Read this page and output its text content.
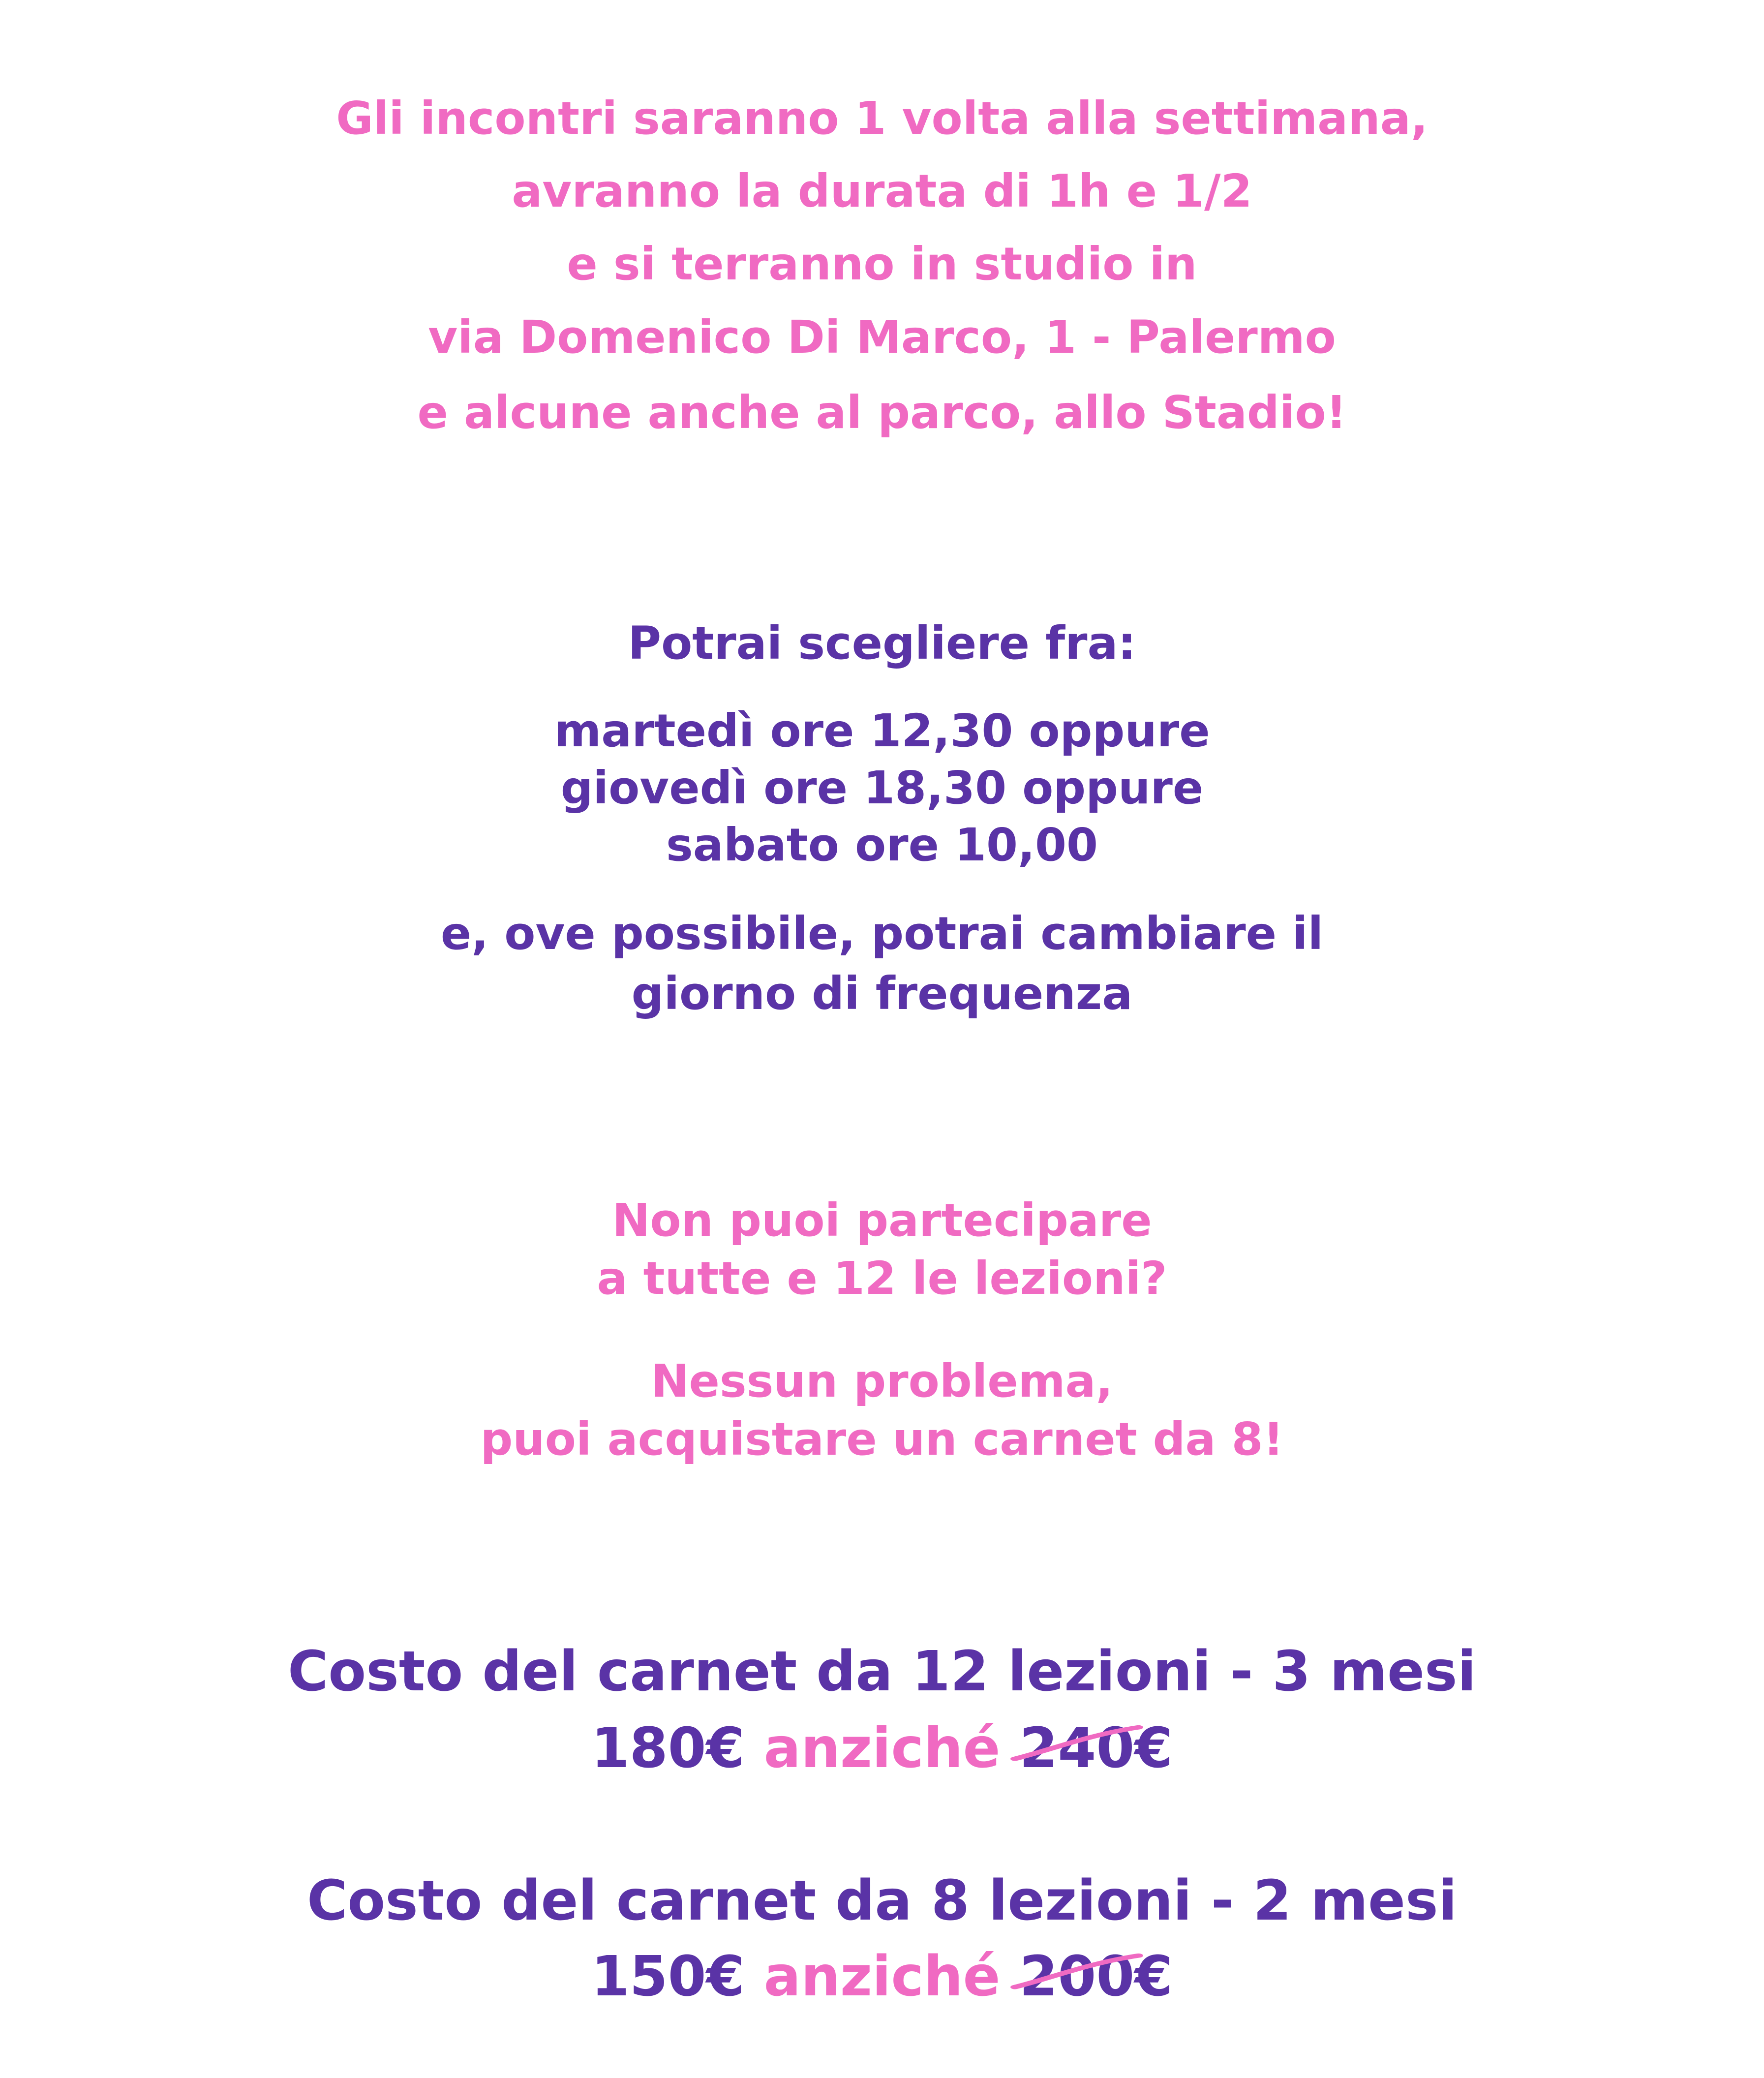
Gli incontri saranno 1 volta alla settimana,

avranno la durata di 1h e 1/2

e si terranno in studio in

via Domenico Di Marco, 1 - Palermo

e alcune anche al parco, allo Stadio!

Potrai scegliere fra:

martedì ore 12,30 oppure

giovedì ore 18,30 oppure

sabato ore 10,00

e, ove possibile, potrai cambiare il

giorno di frequenza

Non puoi partecipare

a tutte e 12 le lezioni?

Nessun problema,

puoi acquistare un carnet da 8!

Costo del carnet da 12 lezioni - 3 mesi

180€ anziché 240
€

Costo del carnet da 8 lezioni - 2 mesi

150€ anziché 200
€
